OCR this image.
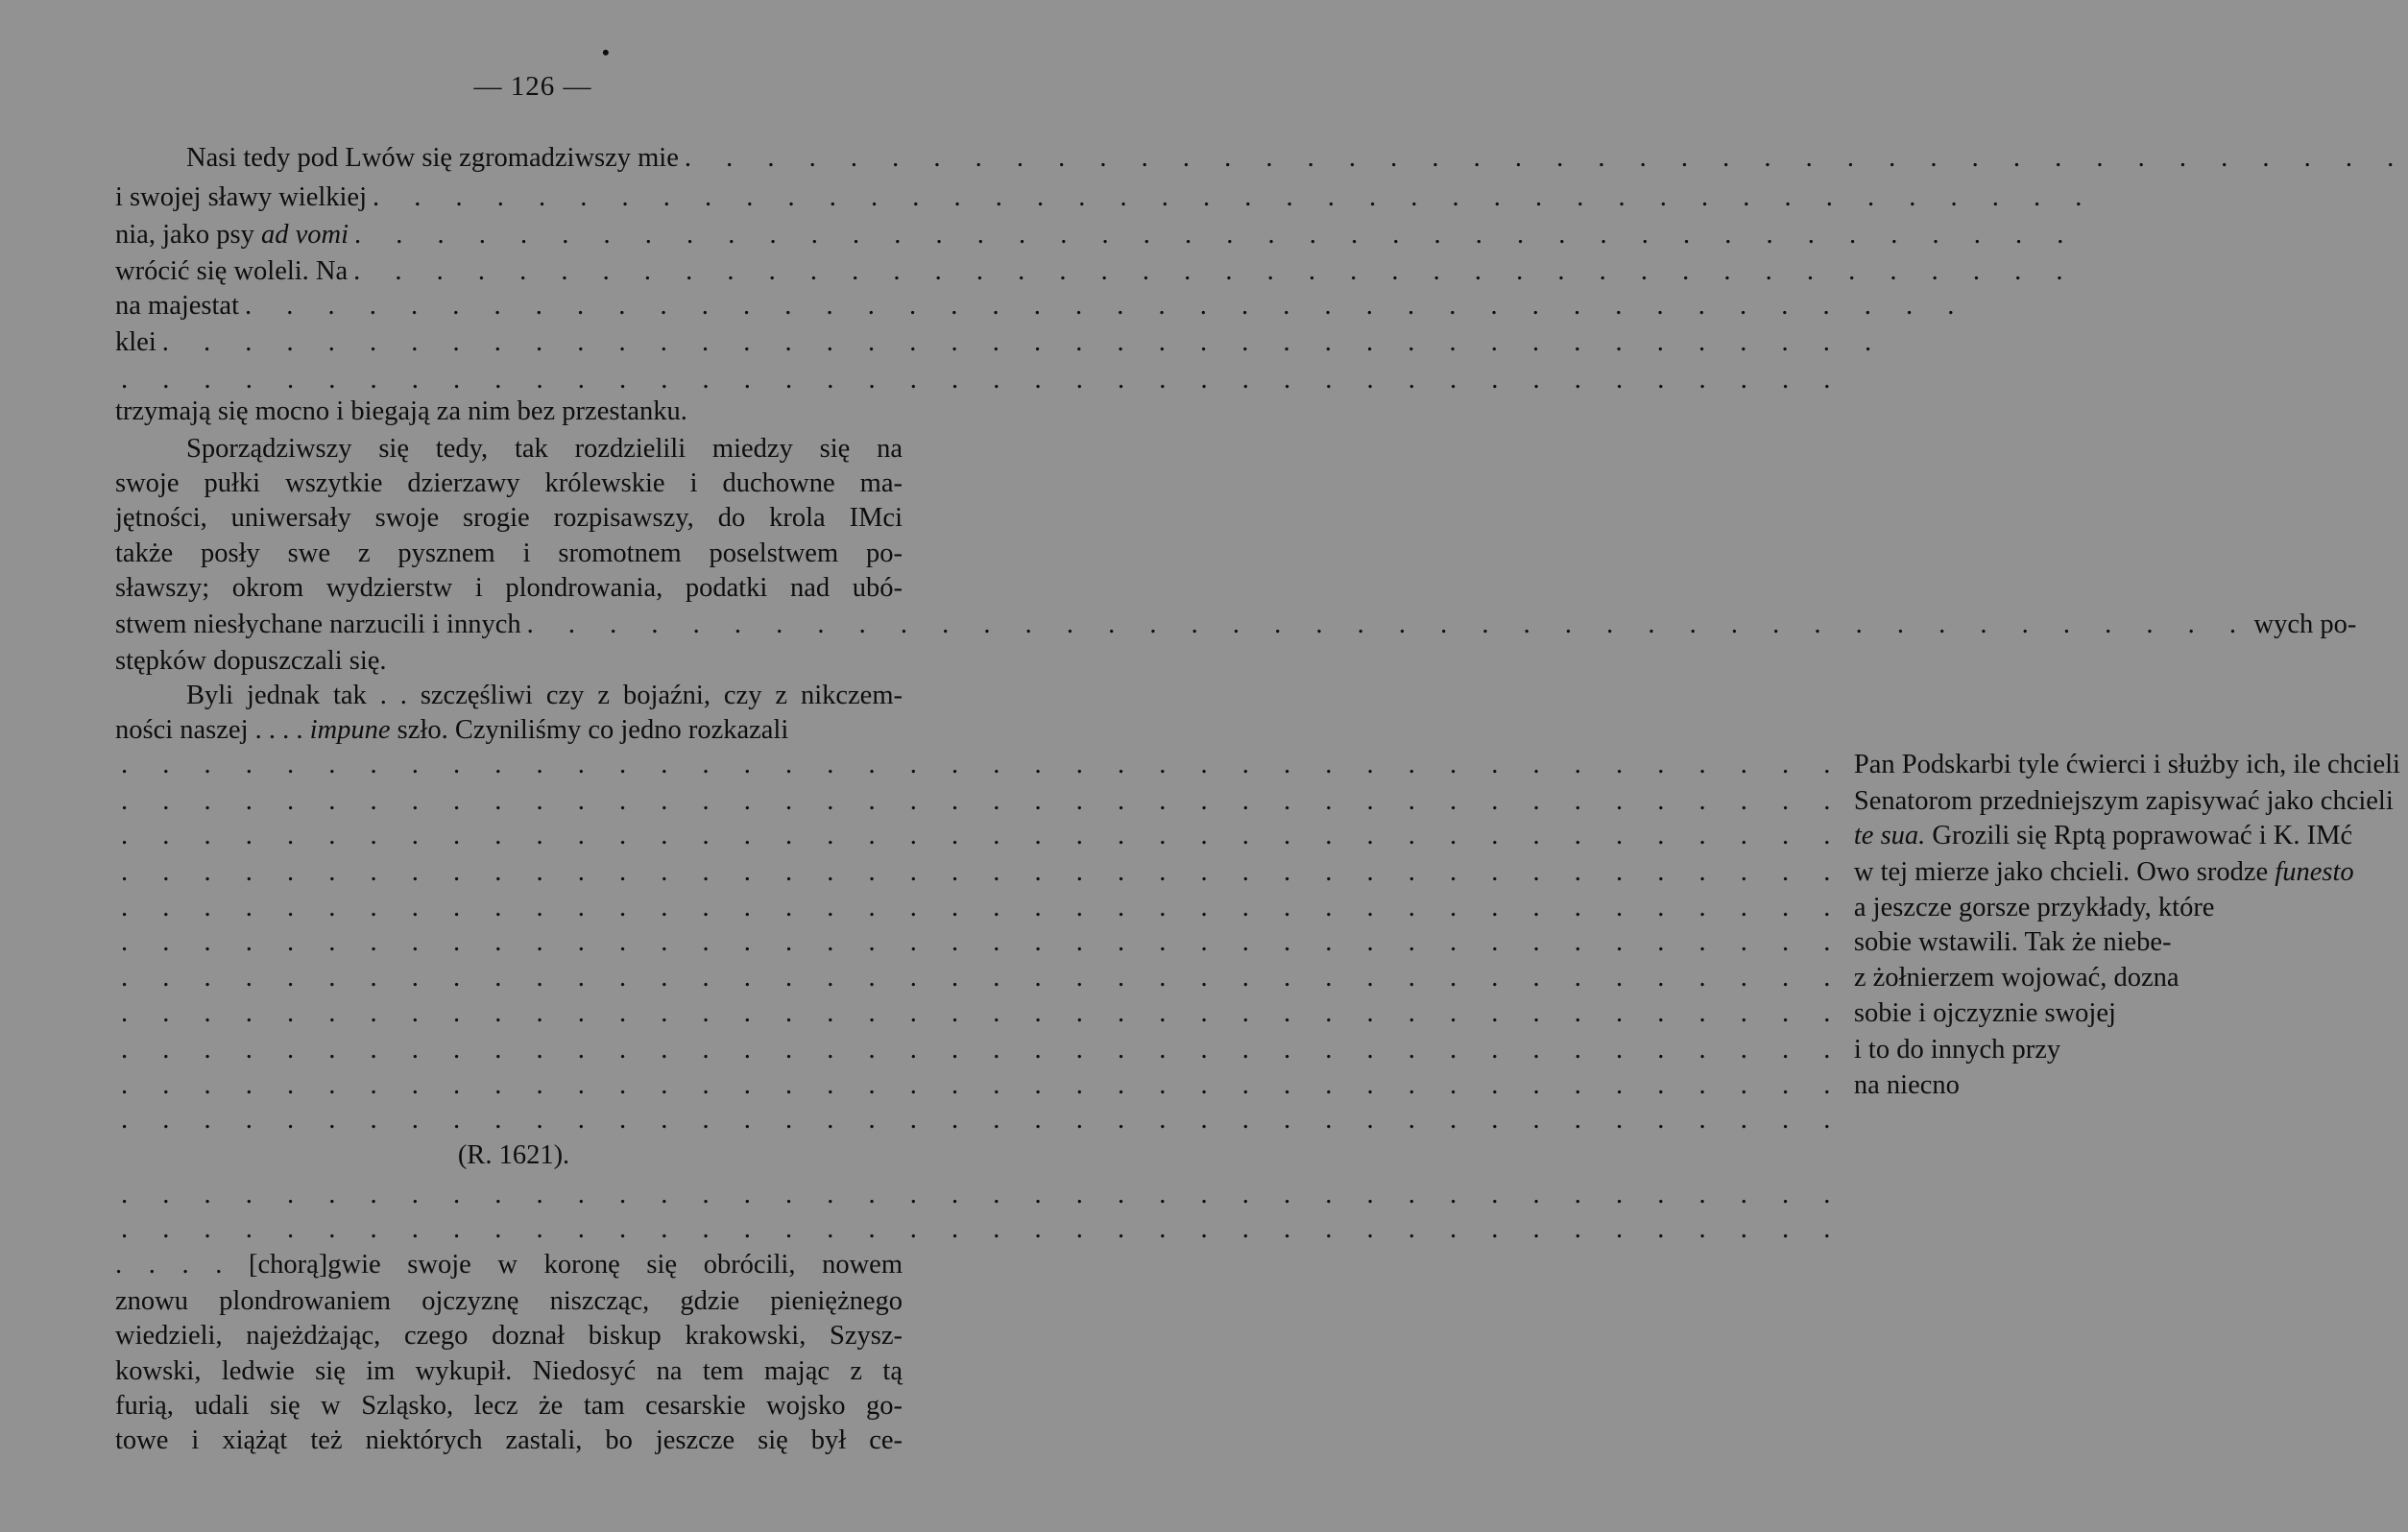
•
— 126 —
Nasi tedy pod Lwów się zgromadziwszy mie . . . . . . . . . . . . . . . . . . . . . . . . . . . . . . . . . . . . . . . . . .
i swojej sławy wielkiej . . . . . . . . . . . . . . . . . . . . . . . . . . . . . . . . . . . . . . . . . .
nia, jako psy ad vomi . . . . . . . . . . . . . . . . . . . . . . . . . . . . . . . . . . . . . . . . . .
wrócić się woleli. Na . . . . . . . . . . . . . . . . . . . . . . . . . . . . . . . . . . . . . . . . . .
na majestat . . . . . . . . . . . . . . . . . . . . . . . . . . . . . . . . . . . . . . . . . .
klei . . . . . . . . . . . . . . . . . . . . . . . . . . . . . . . . . . . . . . . . . .
. . . . . . . . . . . . . . . . . . . . . . . . . . . . . . . . . . . . . . . . . .
trzymają się mocno i biegają za nim bez przestanku.
Sporządziwszy się tedy, tak rozdzielili miedzy się na
swoje pułki wszytkie dzierzawy królewskie i duchowne ma-
jętności, uniwersały swoje srogie rozpisawszy, do krola IMci
także posły swe z pysznem i sromotnem poselstwem po-
sławszy; okrom wydzierstw i plondrowania, podatki nad ubó-
stwem niesłychane narzucili i innych . . . . . . . . . . . . . . . . . . . . . . . . . . . . . . . . . . . . . . . . . . wych po-
stępków dopuszczali się.
Byli jednak tak . . szczęśliwi czy z bojaźni, czy z nikczem-
ności naszej . . . . impune szło. Czyniliśmy co jedno rozkazali
. . . . . . . . . . . . . . . . . . . . . . . . . . . . . . . . . . . . . . . . . . Pan Podskarbi tyle ćwierci i służby ich, ile chcieli
. . . . . . . . . . . . . . . . . . . . . . . . . . . . . . . . . . . . . . . . . . Senatorom przedniejszym zapisywać jako chcieli
. . . . . . . . . . . . . . . . . . . . . . . . . . . . . . . . . . . . . . . . . . te sua. Grozili się Rptą poprawować i K. IMć
. . . . . . . . . . . . . . . . . . . . . . . . . . . . . . . . . . . . . . . . . . w tej mierze jako chcieli. Owo srodze funesto
. . . . . . . . . . . . . . . . . . . . . . . . . . . . . . . . . . . . . . . . . . a jeszcze gorsze przykłady, które
. . . . . . . . . . . . . . . . . . . . . . . . . . . . . . . . . . . . . . . . . . sobie wstawili. Tak że niebe-
. . . . . . . . . . . . . . . . . . . . . . . . . . . . . . . . . . . . . . . . . . z żołnierzem wojować, dozna
. . . . . . . . . . . . . . . . . . . . . . . . . . . . . . . . . . . . . . . . . . sobie i ojczyznie swojej
. . . . . . . . . . . . . . . . . . . . . . . . . . . . . . . . . . . . . . . . . . i to do innych przy
. . . . . . . . . . . . . . . . . . . . . . . . . . . . . . . . . . . . . . . . . . na niecno
. . . . . . . . . . . . . . . . . . . . . . . . . . . . . . . . . . . . . . . . . .
(R. 1621).
. . . . . . . . . . . . . . . . . . . . . . . . . . . . . . . . . . . . . . . . . .
. . . . . . . . . . . . . . . . . . . . . . . . . . . . . . . . . . . . . . . . . .
. . . . [chorą]gwie swoje w koronę się obrócili, nowem
znowu plondrowaniem ojczyznę niszcząc, gdzie pieniężnego
wiedzieli, najeżdżając, czego doznał biskup krakowski, Szysz-
kowski, ledwie się im wykupił. Niedosyć na tem mając z tą
furią, udali się w Szląsko, lecz że tam cesarskie wojsko go-
towe i xiążąt też niektórych zastali, bo jeszcze się był ce-
